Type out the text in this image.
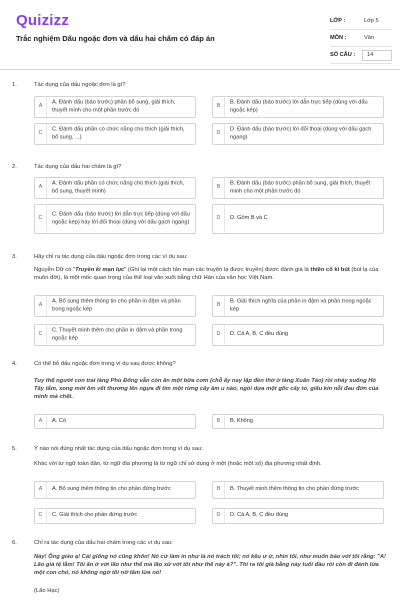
Quizizz
Trắc nghiệm Dấu ngoặc đơn và dấu hai chấm có đáp án
LỚP :	Lớp 5
MÔN :	Văn
SỐ CÂU :	14
1.	Tác dụng của dấu ngoặc đơn là gì?
A
A. Đánh dấu (báo trước) phần bổ sung, giải thích, thuyết minh cho một phần trước đó
B
B. Đánh dấu (báo trước) lời dẫn trực tiếp (dùng với dấu ngoặc kép)
C
C. Đánh dấu phần có chức năng chú thích (giải thích, bổ sung, ...)
D
D. Đánh dấu (báo trước) lời đối thoại (dùng với dấu gạch ngang)
2.	Tác dụng của dấu hai chấm là gì?
A
A. Đánh dấu phần có chức năng chú thích (giải thích, bổ sung, thuyết minh)
B
B. Đánh dấu (báo trước) phần bổ sung, giải thích, thuyết minh cho một phần trước đó
C
C. Đánh dấu (báo trước) lời dẫn trực tiếp (dùng với dấu ngoặc kép) hay lời đối thoại (dùng với dấu gạch ngang)
D	D. Gồm B và C
3.	Hãy chỉ ra tác dụng của dấu ngoặc đơn trong các ví dụ sau:
Nguyễn Dữ có "Truyền kì mạn lục" (Ghi lại một cách tản mạn các truyện lạ được truyền) được đánh giá là thiên cổ kì bút (bút lạ của muôn đời), là một mốc quan trọng của thể loại văn xuôi bằng chữ Hán của văn học Việt Nam.
A
A. Bổ sung thêm thông tin cho phần in đậm và phần trong ngoặc kép
B
B. Giải thích nghĩa của phần in đậm và phần trong ngoặc kép
C
C. Thuyết minh thêm cho phần in đậm và phần trong ngoặc kép
D	D. Cả A, B, C đều đúng
4.	Có thể bỏ dấu ngoặc đơn trong ví dụ sau được không?
Tuy thế người con trai làng Phù Đổng vẫn còn ăn một bữa cơm (chỗ ấy nay lập đền thờ ở làng Xuân Tảo) rồi nhảy xuống Hồ Tây tắm, xong mới ôm vết thương lên ngựa đi tìm một rừng cây âm u nào, ngồi dựa một gốc cây to, giấu kín nỗi đau đớn của mình mà chết.
A	A. Có	B	B. Không
5.	Ý nào nói đúng nhất tác dụng của dấu ngoặc đơn trong ví dụ sau:
Khác với tư ngữ toàn dân, từ ngữ địa phương là từ ngữ chỉ sử dụng ở một (hoặc một số) địa phương nhất định.
A	A. Bổ sung thêm thông tin cho phần đứng trước	B	B. Thuyết minh thêm thông tin cho phần đứng trước
C	C. Giải thích cho phần đứng trước	D	D. Cả A, B, C đều đúng
6.	Chỉ ra tác dụng của dấu hai chấm trong các ví dụ sau:
Này! Ông giáo ạ! Cái giống nó cũng khôn! Nó cứ làm in như là nó trách tôi; nó kêu ư ử, nhìn tôi, như muốn bảo với tôi rằng: "A! Lão già tệ lắm! Tôi ăn ở với lão như thế mà lão xử với tôi như thế này à?". Thì ra tôi già bằng này tuổi đầu rồi còn đi đánh lừa một con chó, nó không ngờ tôi nỡ tâm lừa nó!
(Lão Hạc)
